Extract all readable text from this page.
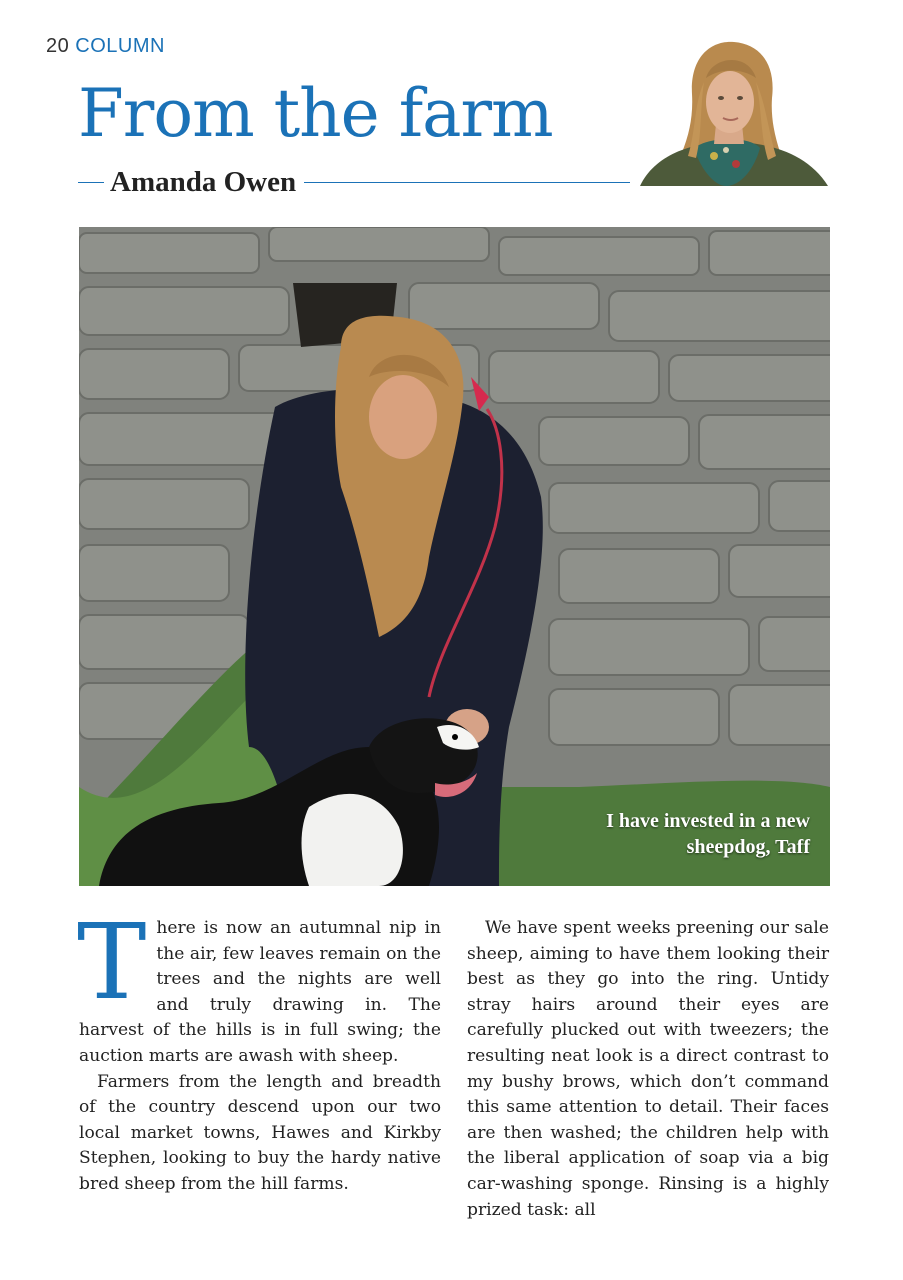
20 COLUMN
From the farm
Amanda Owen
I have invested in a new sheepdog, Taff

There is now an autumnal nip in the air, few leaves remain on the trees and the nights are well and truly drawing in. The harvest of the hills is in full swing; the auction marts are awash with sheep.

Farmers from the length and breadth of the country descend upon our two local market towns, Hawes and Kirkby Stephen, looking to buy the hardy native bred sheep from the hill farms.

We have spent weeks preening our sale sheep, aiming to have them looking their best as they go into the ring. Untidy stray hairs around their eyes are carefully plucked out with tweezers; the resulting neat look is a direct contrast to my bushy brows, which don’t command this same attention to detail. Their faces are then washed; the children help with the liberal application of soap via a big car-washing sponge. Rinsing is a highly prized task: all
